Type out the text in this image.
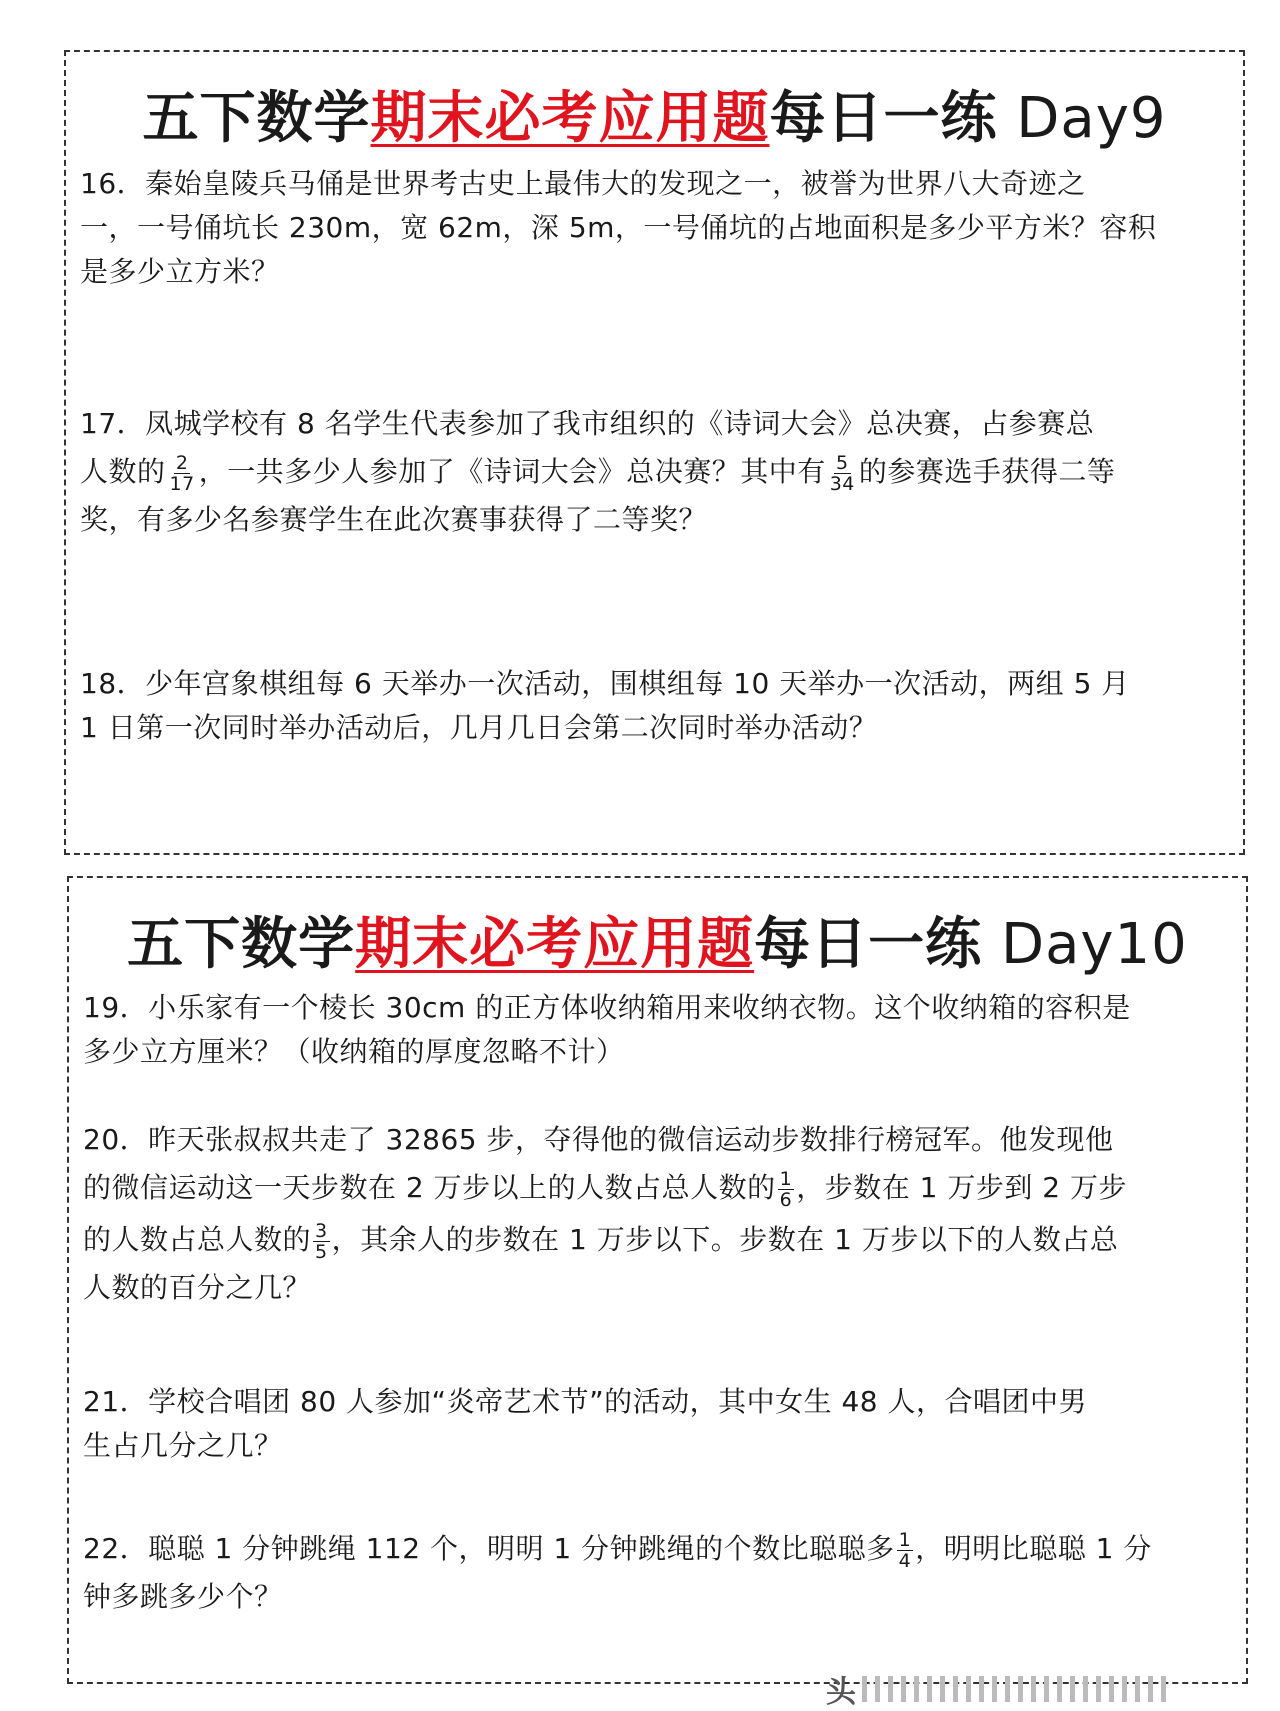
五下数学期末必考应用题每日一练 Day9
16．秦始皇陵兵马俑是世界考古史上最伟大的发现之一，被誉为世界八大奇迹之
一，一号俑坑长 230m，宽 62m，深 5m，一号俑坑的占地面积是多少平方米？容积
是多少立方米？
17．凤城学校有 8 名学生代表参加了我市组织的《诗词大会》总决赛，占参赛总
人数的 $\frac{2}{17}$ ，一共多少人参加了《诗词大会》总决赛？其中有 $\frac{5}{34}$ 的参赛选手获得二等
奖，有多少名参赛学生在此次赛事获得了二等奖？
18．少年宫象棋组每 6 天举办一次活动，围棋组每 10 天举办一次活动，两组 5 月
1 日第一次同时举办活动后，几月几日会第二次同时举办活动？
五下数学期末必考应用题每日一练 Day10
19．小乐家有一个棱长 30cm 的正方体收纳箱用来收纳衣物。这个收纳箱的容积是
多少立方厘米？（收纳箱的厚度忽略不计）
20．昨天张叔叔共走了 32865 步，夺得他的微信运动步数排行榜冠军。他发现他
的微信运动这一天步数在 2 万步以上的人数占总人数的 $\frac{1}{6}$ ，步数在 1 万步到 2 万步
的人数占总人数的 $\frac{3}{5}$ ，其余人的步数在 1 万步以下。步数在 1 万步以下的人数占总
人数的百分之几？
21．学校合唱团 80 人参加“炎帝艺术节”的活动，其中女生 48 人，合唱团中男
生占几分之几？
22．聪聪 1 分钟跳绳 112 个，明明 1 分钟跳绳的个数比聪聪多 $\frac{1}{4}$ ，明明比聪聪 1 分
钟多跳多少个？
头
